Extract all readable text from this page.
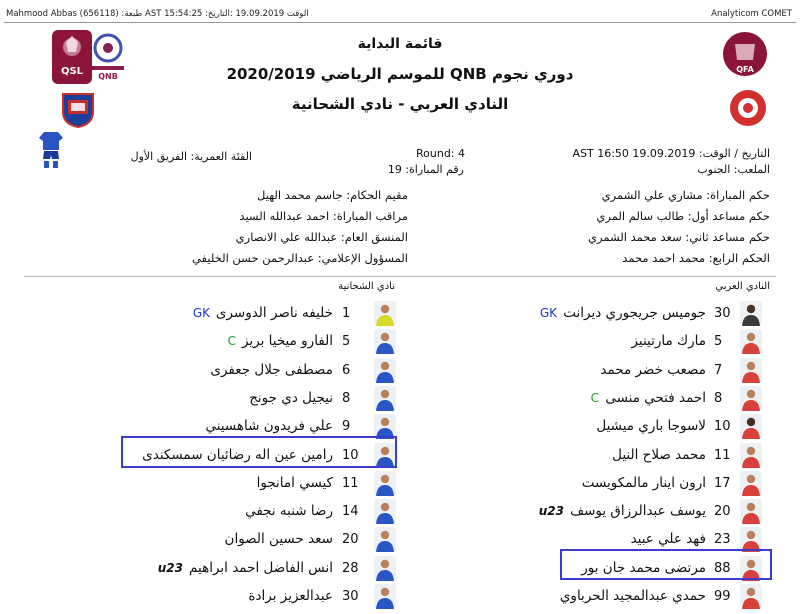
Mahmood Abbas (656118) :طبعة AST 15:54:25 :الوقت 19.09.2019 :التاريخ	Analyticom COMET
QSL QNB
QFA
قائمة البداية
دوري نجوم QNB للموسم الرياضي 2020/2019
النادي العربي - نادي الشحانية
التاريخ / الوقت: AST 16:50 19.09.2019
الملعب: الجنوب
Round: 4
رقم المباراة: 19
الفئة العمرية: الفريق الأول
حكم المباراة: مشاري علي الشمري
حكم مساعد أول: طالب سالم المري
حكم مساعد ثاني: سعد محمد الشمري
الحكم الرابع: محمد احمد محمد
مقيم الحكام: جاسم محمد الهيل
مراقب المباراة: احمد عبدالله السيد
المنسق العام: عبدالله علي الانصاري
المسؤول الإعلامي: عبدالرحمن حسن الخليفي
النادي العربي
نادي الشحانية
30
جوميس جريجوري ديرانت
GK
5
مارك مارتينيز
7
مصعب خضر محمد
8
احمد فتحي منسى
C
10
لاسوجا باري ميشيل
11
محمد صلاح النيل
17
ارون اينار مالمكويست
20
يوسف عبدالرزاق يوسف
u23
23
فهد علي عبيد
88
مرتضى محمد جان بور
99
حمدي عبدالمجيد الحرباوي
1
خليفه ناصر الدوسرى
GK
5
الفارو ميخيا بريز
C
6
مصطفى جلال جعفرى
8
نيجيل دي جونج
9
علي فريدون شاهسيني
10
رامين عين اله رضائيان سمسكندى
11
كيسي امانجوا
14
رضا شنبه نجفي
20
سعد حسين الصوان
28
انس الفاضل احمد ابراهيم
u23
30
عبدالعزيز برادة
